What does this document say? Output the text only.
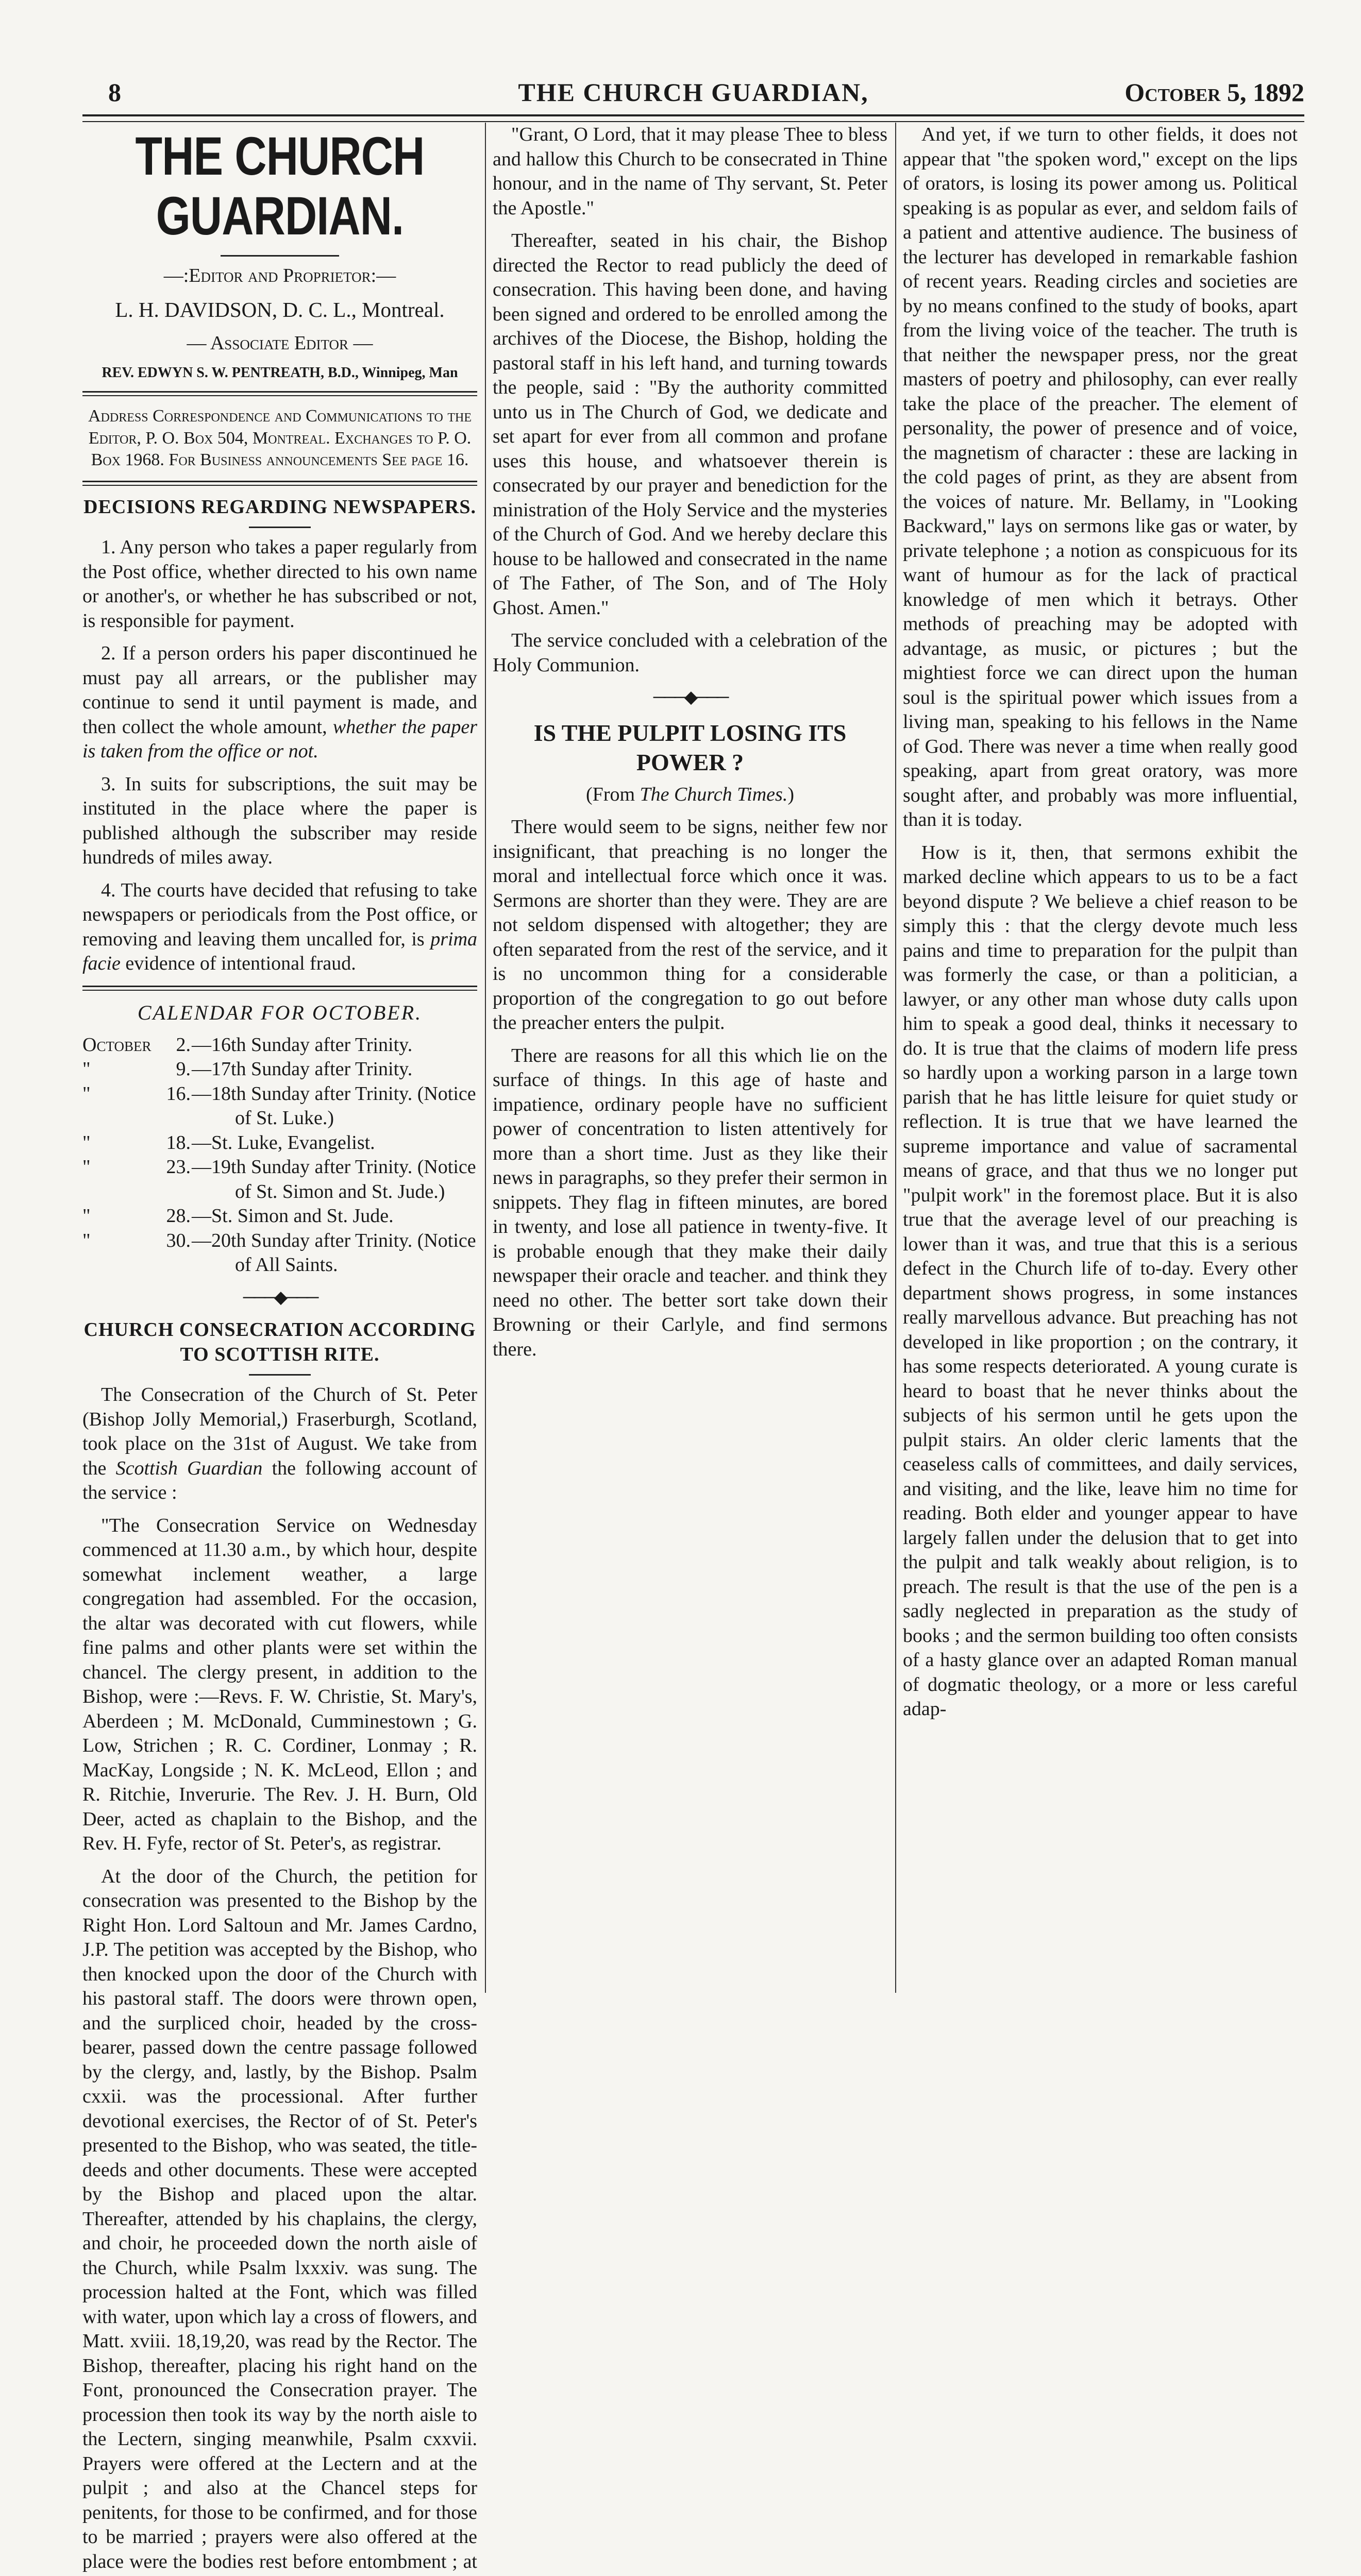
8	THE CHURCH GUARDIAN,	October 5, 1892
THE CHURCH GUARDIAN.

—:Editor and Proprietor:—

L. H. DAVIDSON, D. C. L., Montreal.

— Associate Editor —

REV. EDWYN S. W. PENTREATH, B.D., Winnipeg, Man

Address Correspondence and Communications to the Editor, P. O. Box 504, Montreal. Exchanges to P. O. Box 1968. For Business announcements See page 16.

DECISIONS REGARDING NEWSPAPERS.

1. Any person who takes a paper regularly from the Post office, whether directed to his own name or another's, or whether he has subscribed or not, is responsible for payment.

2. If a person orders his paper discontinued he must pay all arrears, or the publisher may continue to send it until payment is made, and then collect the whole amount, whether the paper is taken from the office or not.

3. In suits for subscriptions, the suit may be instituted in the place where the paper is published although the subscriber may reside hundreds of miles away.

4. The courts have decided that refusing to take newspapers or periodicals from the Post office, or removing and leaving them uncalled for, is prima facie evidence of intentional fraud.

CALENDAR FOR OCTOBER.
October	2. —16th Sunday after Trinity.
"	9. —17th Sunday after Trinity.
"	16. —18th Sunday after Trinity. (Notice of St. Luke.)
"	18. —St. Luke, Evangelist.
"	23. —19th Sunday after Trinity. (Notice of St. Simon and St. Jude.)
"	28. —St. Simon and St. Jude.
"	30. —20th Sunday after Trinity. (Notice of All Saints.
───◆───
CHURCH CONSECRATION ACCORDING TO SCOTTISH RITE.

The Consecration of the Church of St. Peter (Bishop Jolly Memorial,) Fraserburgh, Scotland, took place on the 31st of August. We take from the Scottish Guardian the following account of the service :

"The Consecration Service on Wednesday commenced at 11.30 a.m., by which hour, despite somewhat inclement weather, a large congregation had assembled. For the occasion, the altar was decorated with cut flowers, while fine palms and other plants were set within the chancel. The clergy present, in addition to the Bishop, were :—Revs. F. W. Christie, St. Mary's, Aberdeen ; M. McDonald, Cumminestown ; G. Low, Strichen ; R. C. Cordiner, Lonmay ; R. MacKay, Longside ; N. K. McLeod, Ellon ; and R. Ritchie, Inverurie. The Rev. J. H. Burn, Old Deer, acted as chaplain to the Bishop, and the Rev. H. Fyfe, rector of St. Peter's, as registrar.

At the door of the Church, the petition for consecration was presented to the Bishop by the Right Hon. Lord Saltoun and Mr. James Cardno, J.P. The petition was accepted by the Bishop, who then knocked upon the door of the Church with his pastoral staff. The doors were thrown open, and the surpliced choir, headed by the cross-bearer, passed down the centre passage followed by the clergy, and, lastly, by the Bishop. Psalm cxxii. was the processional. After further devotional exercises, the Rector of of St. Peter's presented to the Bishop, who was seated, the title-deeds and other documents. These were accepted by the Bishop and placed upon the altar. Thereafter, attended by his chaplains, the clergy, and choir, he proceeded down the north aisle of the Church, while Psalm lxxxiv. was sung. The procession halted at the Font, which was filled with water, upon which lay a cross of flowers, and Matt. xviii. 18,19,20, was read by the Rector. The Bishop, thereafter, placing his right hand on the Font, pronounced the Consecration prayer. The procession then took its way by the north aisle to the Lectern, singing meanwhile, Psalm cxxvii. Prayers were offered at the Lectern and at the pulpit ; and also at the Chancel steps for penitents, for those to be confirmed, and for those to be married ; prayers were also offered at the place were the bodies rest before entombment ; at

"Grant, O Lord, that it may please Thee to bless and hallow this Church to be consecrated in Thine honour, and in the name of Thy servant, St. Peter the Apostle."

Thereafter, seated in his chair, the Bishop directed the Rector to read publicly the deed of consecration. This having been done, and having been signed and ordered to be enrolled among the archives of the Diocese, the Bishop, holding the pastoral staff in his left hand, and turning towards the people, said : "By the authority committed unto us in The Church of God, we dedicate and set apart for ever from all common and profane uses this house, and whatsoever therein is consecrated by our prayer and benediction for the ministration of the Holy Service and the mysteries of the Church of God. And we hereby declare this house to be hallowed and consecrated in the name of The Father, of The Son, and of The Holy Ghost. Amen."

The service concluded with a celebration of the Holy Communion.

───◆───
IS THE PULPIT LOSING ITS POWER ?

(From The Church Times.)

There would seem to be signs, neither few nor insignificant, that preaching is no longer the moral and intellectual force which once it was. Sermons are shorter than they were. They are are not seldom dispensed with altogether; they are often separated from the rest of the service, and it is no uncommon thing for a considerable proportion of the congregation to go out before the preacher enters the pulpit.

There are reasons for all this which lie on the surface of things. In this age of haste and impatience, ordinary people have no sufficient power of concentration to listen attentively for more than a short time. Just as they like their news in paragraphs, so they prefer their sermon in snippets. They flag in fifteen minutes, are bored in twenty, and lose all patience in twenty-five. It is probable enough that they make their daily newspaper their oracle and teacher. and think they need no other. The better sort take down their Browning or their Carlyle, and find sermons there.

And yet, if we turn to other fields, it does not appear that "the spoken word," except on the lips of orators, is losing its power among us. Political speaking is as popular as ever, and seldom fails of a patient and attentive audience. The business of the lecturer has developed in remarkable fashion of recent years. Reading circles and societies are by no means confined to the study of books, apart from the living voice of the teacher. The truth is that neither the newspaper press, nor the great masters of poetry and philosophy, can ever really take the place of the preacher. The element of personality, the power of presence and of voice, the magnetism of character : these are lacking in the cold pages of print, as they are absent from the voices of nature. Mr. Bellamy, in "Looking Backward," lays on sermons like gas or water, by private telephone ; a notion as conspicuous for its want of humour as for the lack of practical knowledge of men which it betrays. Other methods of preaching may be adopted with advantage, as music, or pictures ; but the mightiest force we can direct upon the human soul is the spiritual power which issues from a living man, speaking to his fellows in the Name of God. There was never a time when really good speaking, apart from great oratory, was more sought after, and probably was more influential, than it is today.

How is it, then, that sermons exhibit the marked decline which appears to us to be a fact beyond dispute ? We believe a chief reason to be simply this : that the clergy devote much less pains and time to preparation for the pulpit than was formerly the case, or than a politician, a lawyer, or any other man whose duty calls upon him to speak a good deal, thinks it necessary to do. It is true that the claims of modern life press so hardly upon a working parson in a large town parish that he has little leisure for quiet study or reflection. It is true that we have learned the supreme importance and value of sacramental means of grace, and that thus we no longer put "pulpit work" in the foremost place. But it is also true that the average level of our preaching is lower than it was, and true that this is a serious defect in the Church life of to-day. Every other department shows progress, in some instances really marvellous advance. But preaching has not developed in like proportion ; on the contrary, it has some respects deteriorated. A young curate is heard to boast that he never thinks about the subjects of his sermon until he gets upon the pulpit stairs. An older cleric laments that the ceaseless calls of committees, and daily services, and visiting, and the like, leave him no time for reading. Both elder and younger appear to have largely fallen under the delusion that to get into the pulpit and talk weakly about religion, is to preach. The result is that the use of the pen is a sadly neglected in preparation as the study of books ; and the sermon building too often consists of a hasty glance over an adapted Roman manual of dogmatic theology, or a more or less careful adap-
